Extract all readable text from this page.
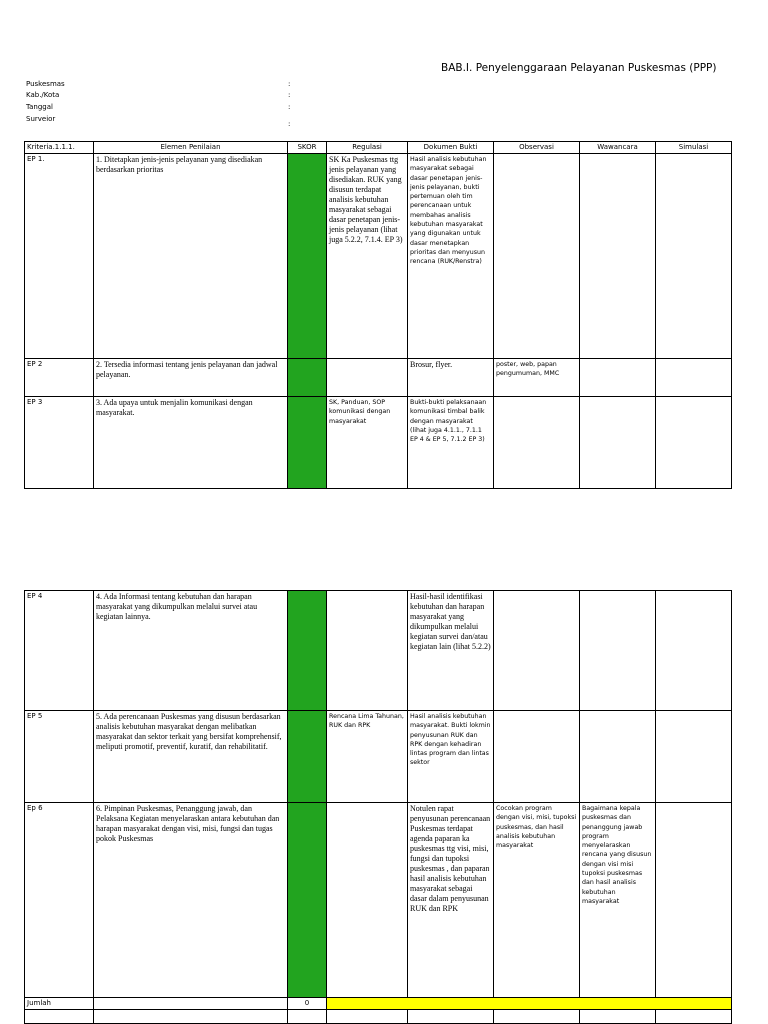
BAB.I. Penyelenggaraan Pelayanan Puskesmas (PPP)
Puskesmas	:
Kab./Kota	:
Tanggal	:
Surveior
:
Kriteria.1.1.1.	Elemen Penilaian	SKOR	Regulasi	Dokumen Bukti	Observasi	Wawancara	Simulasi
EP 1.	1. Ditetapkan jenis-jenis pelayanan yang disediakan berdasarkan prioritas		SK Ka Puskesmas ttg jenis pelayanan yang disediakan. RUK yang disusun terdapat analisis kebutuhan masyarakat sebagai dasar penetapan jenis-jenis pelayanan (lihat juga 5.2.2, 7.1.4. EP 3)	Hasil analisis kebutuhan masyarakat sebagai dasar penetapan jenis-jenis pelayanan, bukti pertemuan oleh tim perencanaan untuk membahas analisis kebutuhan masyarakat yang digunakan untuk dasar menetapkan prioritas dan menyusun rencana (RUK/Renstra)			
EP 2	2. Tersedia informasi tentang jenis pelayanan dan jadwal pelayanan.			Brosur, flyer.	poster, web, papan pengumuman, MMC		
EP 3	3. Ada upaya untuk menjalin komunikasi dengan masyarakat.		SK, Panduan, SOP komunikasi dengan masyarakat	Bukti-bukti pelaksanaan komunikasi timbal balik dengan masyarakat (lihat juga 4.1.1., 7.1.1 EP 4 & EP 5, 7.1.2 EP 3)			
EP 4	4. Ada Informasi tentang kebutuhan dan harapan masyarakat yang dikumpulkan melalui survei atau kegiatan lainnya.			Hasil-hasil identifikasi kebutuhan dan harapan masyarakat yang dikumpulkan melalui kegiatan survei dan/atau kegiatan lain (lihat 5.2.2)			
EP 5	5. Ada perencanaan Puskesmas yang disusun berdasarkan analisis kebutuhan masyarakat dengan melibatkan masyarakat dan sektor terkait yang bersifat komprehensif, meliputi promotif, preventif, kuratif, dan rehabilitatif.		Rencana Lima Tahunan, RUK dan RPK	Hasil analisis kebutuhan masyarakat. Bukti lokmin penyusunan RUK dan RPK dengan kehadiran lintas program dan lintas sektor			
Ep 6	6. Pimpinan Puskesmas, Penanggung jawab, dan Pelaksana Kegiatan menyelaraskan antara kebutuhan dan harapan masyarakat dengan visi, misi, fungsi dan tugas pokok Puskesmas			Notulen rapat penyusunan perencanaan Puskesmas terdapat agenda paparan ka puskesmas ttg visi, misi, fungsi dan tupoksi puskesmas , dan paparan hasil analisis kebutuhan masyarakat sebagai dasar dalam penyusunan RUK dan RPK	Cocokan program dengan visi, misi, tupoksi puskesmas, dan hasil analisis kebutuhan masyarakat	Bagaimana kepala puskesmas dan penanggung jawab program menyelaraskan rencana yang disusun dengan visi misi tupoksi puskesmas dan hasil analisis kebutuhan masyarakat	
Jumlah		0					
